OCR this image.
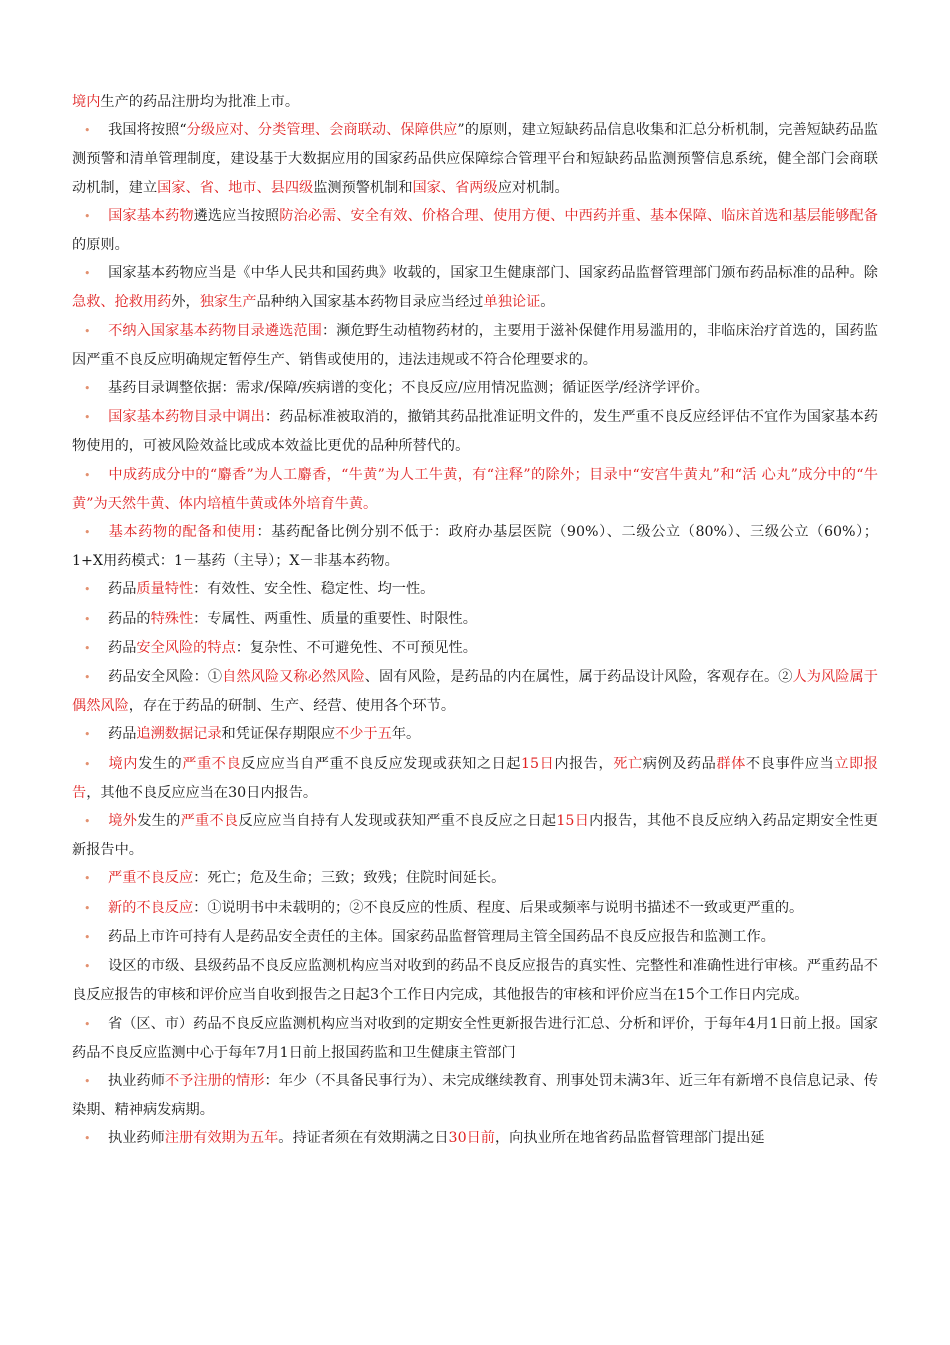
境内生产的药品注册均为批准上市。

• 我国将按照“分级应对、分类管理、会商联动、保障供应”的原则，建立短缺药品信息收集和汇总分析机制，完善短缺药品监测预警和清单管理制度，建设基于大数据应用的国家药品供应保障综合管理平台和短缺药品监测预警信息系统，健全部门会商联动机制，建立国家、省、地市、县四级监测预警机制和国家、省两级应对机制。

• 国家基本药物遴选应当按照防治必需、安全有效、价格合理、使用方便、中西药并重、基本保障、临床首选和基层能够配备的原则。

• 国家基本药物应当是《中华人民共和国药典》收载的，国家卫生健康部门、国家药品监督管理部门颁布药品标准的品种。除急救、抢救用药外，独家生产品种纳入国家基本药物目录应当经过单独论证。

• 不纳入国家基本药物目录遴选范围：濒危野生动植物药材的，主要用于滋补保健作用易滥用的，非临床治疗首选的，国药监因严重不良反应明确规定暂停生产、销售或使用的，违法违规或不符合伦理要求的。

• 基药目录调整依据：需求/保障/疾病谱的变化；不良反应/应用情况监测；循证医学/经济学评价。

• 国家基本药物目录中调出：药品标准被取消的，撤销其药品批准证明文件的，发生严重不良反应经评估不宜作为国家基本药物使用的，可被风险效益比或成本效益比更优的品种所替代的。

• 中成药成分中的“麝香”为人工麝香，“牛黄”为人工牛黄，有“注释”的除外；目录中“安宫牛黄丸”和“活 心丸”成分中的“牛黄”为天然牛黄、体内培植牛黄或体外培育牛黄。

• 基本药物的配备和使用：基药配备比例分别不低于：政府办基层医院（90%）、二级公立（80%）、三级公立（60%）；1+X用药模式：1－基药（主导）；X－非基本药物。

• 药品质量特性：有效性、安全性、稳定性、均一性。

• 药品的特殊性：专属性、两重性、质量的重要性、时限性。

• 药品安全风险的特点：复杂性、不可避免性、不可预见性。

• 药品安全风险：①自然风险又称必然风险、固有风险，是药品的内在属性，属于药品设计风险，客观存在。②人为风险属于偶然风险，存在于药品的研制、生产、经营、使用各个环节。

• 药品追溯数据记录和凭证保存期限应不少于五年。

• 境内发生的严重不良反应应当自严重不良反应发现或获知之日起15日内报告，死亡病例及药品群体不良事件应当立即报告，其他不良反应应当在30日内报告。

• 境外发生的严重不良反应应当自持有人发现或获知严重不良反应之日起15日内报告，其他不良反应纳入药品定期安全性更新报告中。

• 严重不良反应：死亡；危及生命；三致；致残；住院时间延长。

• 新的不良反应：①说明书中未载明的；②不良反应的性质、程度、后果或频率与说明书描述不一致或更严重的。

• 药品上市许可持有人是药品安全责任的主体。国家药品监督管理局主管全国药品不良反应报告和监测工作。

• 设区的市级、县级药品不良反应监测机构应当对收到的药品不良反应报告的真实性、完整性和准确性进行审核。严重药品不良反应报告的审核和评价应当自收到报告之日起3个工作日内完成，其他报告的审核和评价应当在15个工作日内完成。

• 省（区、市）药品不良反应监测机构应当对收到的定期安全性更新报告进行汇总、分析和评价，于每年4月1日前上报。国家药品不良反应监测中心于每年7月1日前上报国药监和卫生健康主管部门

• 执业药师不予注册的情形：年少（不具备民事行为）、未完成继续教育、刑事处罚未满3年、近三年有新增不良信息记录、传染期、精神病发病期。

• 执业药师注册有效期为五年。持证者须在有效期满之日30日前，向执业所在地省药品监督管理部门提出延
